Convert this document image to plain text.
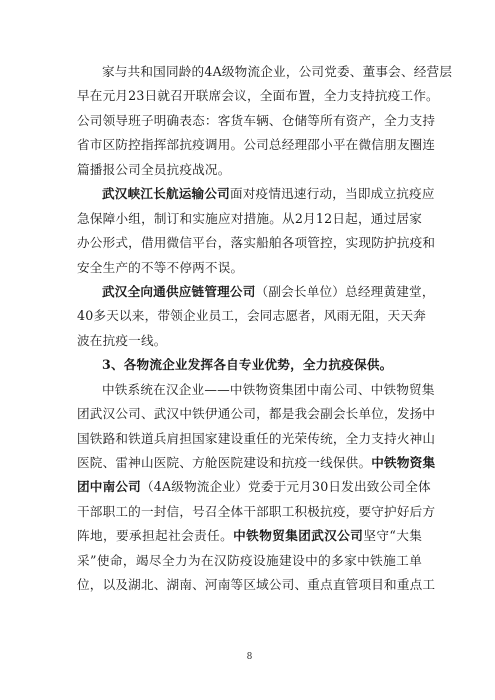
家与共和国同龄的4A级物流企业，公司党委、董事会、经营层
早在元月23日就召开联席会议，全面布置，全力支持抗疫工作。
公司领导班子明确表态：客货车辆、仓储等所有资产，全力支持
省市区防控指挥部抗疫调用。公司总经理邵小平在微信朋友圈连
篇播报公司全员抗疫战况。
武汉峡江长航运输公司面对疫情迅速行动，当即成立抗疫应
急保障小组，制订和实施应对措施。从2月12日起，通过居家
办公形式，借用微信平台，落实船舶各项管控，实现防护抗疫和
安全生产的不等不停两不误。
武汉全向通供应链管理公司（副会长单位）总经理黄建堂，
40多天以来，带领企业员工，会同志愿者，风雨无阻，天天奔
波在抗疫一线。
3、各物流企业发挥各自专业优势，全力抗疫保供。
中铁系统在汉企业——中铁物资集团中南公司、中铁物贸集
团武汉公司、武汉中铁伊通公司，都是我会副会长单位，发扬中
国铁路和铁道兵肩担国家建设重任的光荣传统，全力支持火神山
医院、雷神山医院、方舱医院建设和抗疫一线保供。中铁物资集
团中南公司（4A级物流企业）党委于元月30日发出致公司全体
干部职工的一封信，号召全体干部职工积极抗疫，要守护好后方
阵地，要承担起社会责任。中铁物贸集团武汉公司坚守“大集
采”使命，竭尽全力为在汉防疫设施建设中的多家中铁施工单
位，以及湖北、湖南、河南等区域公司、重点直管项目和重点工
8
